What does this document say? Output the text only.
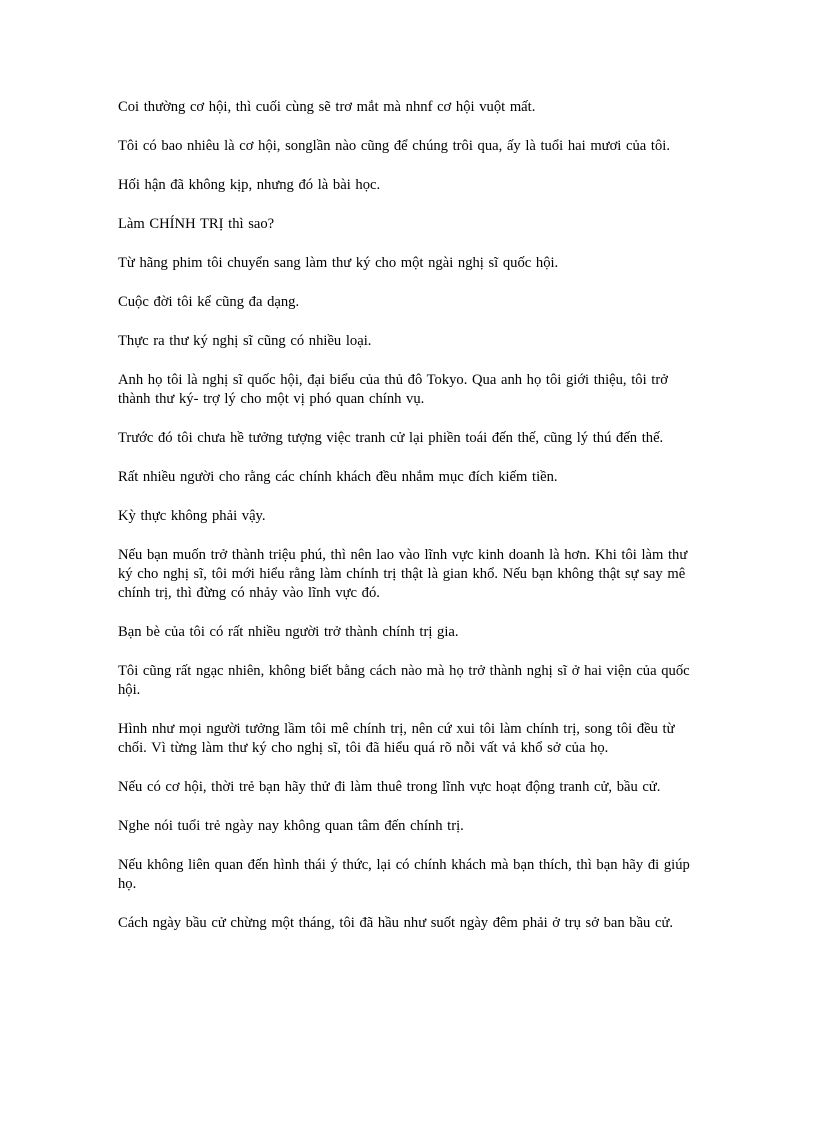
Coi thường cơ hội, thì cuối cùng sẽ trơ mắt mà nhnf cơ hội vuột mất.

Tôi có bao nhiêu là cơ hội, songlần nào cũng để chúng trôi qua, ấy là tuổi hai mươi của tôi.

Hối hận đã không kịp, nhưng đó là bài học.

Làm CHÍNH TRỊ thì sao?

Từ hãng phim tôi chuyển sang làm thư ký cho một ngài nghị sĩ quốc hội.

Cuộc đời tôi kể cũng đa dạng.

Thực ra thư ký nghị sĩ cũng có nhiều loại.

Anh họ tôi là nghị sĩ quốc hội, đại biểu của thủ đô Tokyo. Qua anh họ tôi giới thiệu, tôi trở thành thư ký- trợ lý cho một vị phó quan chính vụ.

Trước đó tôi chưa hề tưởng tượng việc tranh cử lại phiền toái đến thế, cũng lý thú đến thế.

Rất nhiều người cho rằng các chính khách đều nhắm mục đích kiếm tiền.

Kỳ thực không phải vậy.

Nếu bạn muốn trở thành triệu phú, thì nên lao vào lĩnh vực kinh doanh là hơn. Khi tôi làm thư ký cho nghị sĩ, tôi mới hiểu rằng làm chính trị thật là gian khổ. Nếu bạn không thật sự say mê chính trị, thì đừng có nhảy vào lĩnh vực đó.

Bạn bè của tôi có rất nhiều người trở thành chính trị gia.

Tôi cũng rất ngạc nhiên, không biết bằng cách nào mà họ trở thành nghị sĩ ở hai viện của quốc hội.

Hình như mọi người tưởng lầm tôi mê chính trị, nên cứ xui tôi làm chính trị, song tôi đều từ chối. Vì từng làm thư ký cho nghị sĩ, tôi đã hiểu quá rõ nỗi vất vả khổ sở của họ.

Nếu có cơ hội, thời trẻ bạn hãy thử đi làm thuê trong lĩnh vực hoạt động tranh cử, bầu cử.

Nghe nói tuổi trẻ ngày nay không quan tâm đến chính trị.

Nếu không liên quan đến hình thái ý thức, lại có chính khách mà bạn thích, thì bạn hãy đi giúp họ.

Cách ngày bầu cử chừng một tháng, tôi đã hầu như suốt ngày đêm phải ở trụ sở ban bầu cử.
